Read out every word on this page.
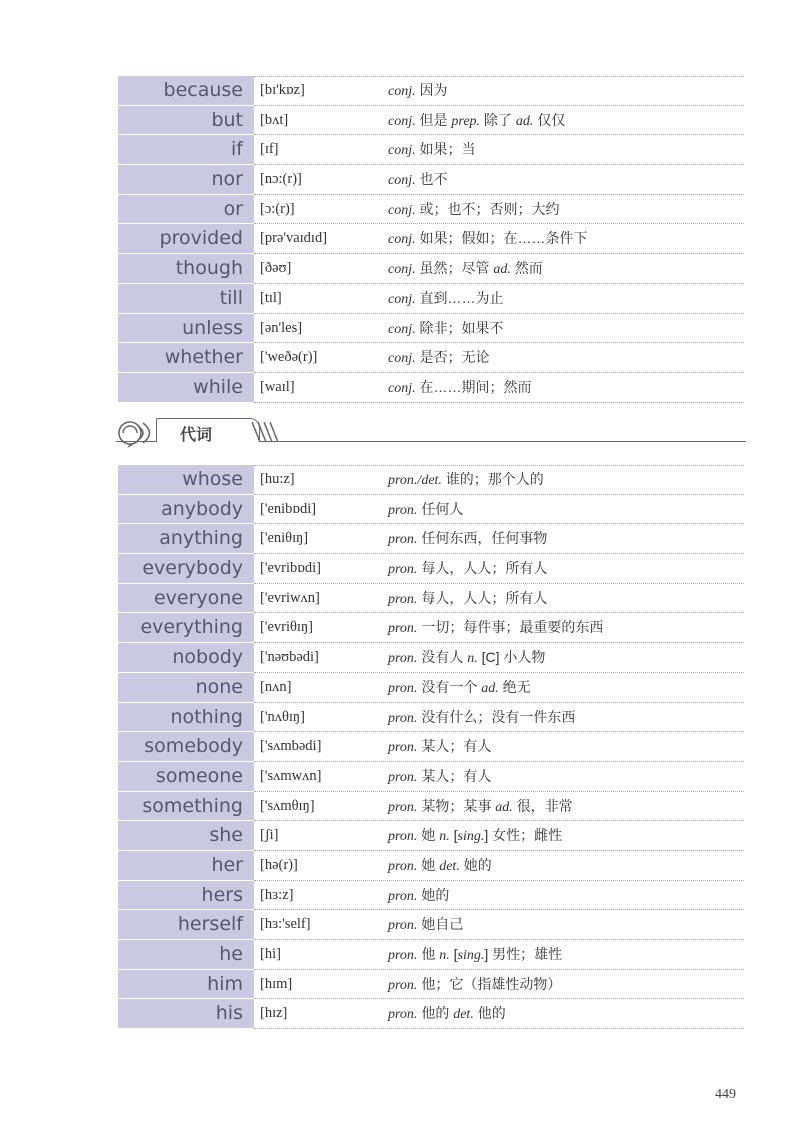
because	[bɪ'kɒz]	conj. 因为
but	[bʌt]	conj. 但是 prep. 除了 ad. 仅仅
if	[ɪf]	conj. 如果；当
nor	[nɔ:(r)]	conj. 也不
or	[ɔ:(r)]	conj. 或；也不；否则；大约
provided	[prə'vaɪdɪd]	conj. 如果；假如；在……条件下
though	[ðəʊ]	conj. 虽然；尽管 ad. 然而
till	[tɪl]	conj. 直到……为止
unless	[ən'les]	conj. 除非；如果不
whether	['weðə(r)]	conj. 是否；无论
while	[waɪl]	conj. 在……期间；然而
代词
whose	[hu:z]	pron./det. 谁的；那个人的
anybody	['enibɒdi]	pron. 任何人
anything	['eniθɪŋ]	pron. 任何东西，任何事物
everybody	['evribɒdi]	pron. 每人，人人；所有人
everyone	['evriwʌn]	pron. 每人，人人；所有人
everything	['evriθɪŋ]	pron. 一切；每件事；最重要的东西
nobody	['nəʊbədi]	pron. 没有人 n. [C] 小人物
none	[nʌn]	pron. 没有一个 ad. 绝无
nothing	['nʌθɪŋ]	pron. 没有什么；没有一件东西
somebody	['sʌmbədi]	pron. 某人；有人
someone	['sʌmwʌn]	pron. 某人；有人
something	['sʌmθɪŋ]	pron. 某物；某事 ad. 很，非常
she	[ʃi]	pron. 她 n. [sing.] 女性；雌性
her	[hə(r)]	pron. 她 det. 她的
hers	[hɜ:z]	pron. 她的
herself	[hɜ:'self]	pron. 她自己
he	[hi]	pron. 他 n. [sing.] 男性；雄性
him	[hɪm]	pron. 他；它（指雄性动物）
his	[hɪz]	pron. 他的 det. 他的
449
